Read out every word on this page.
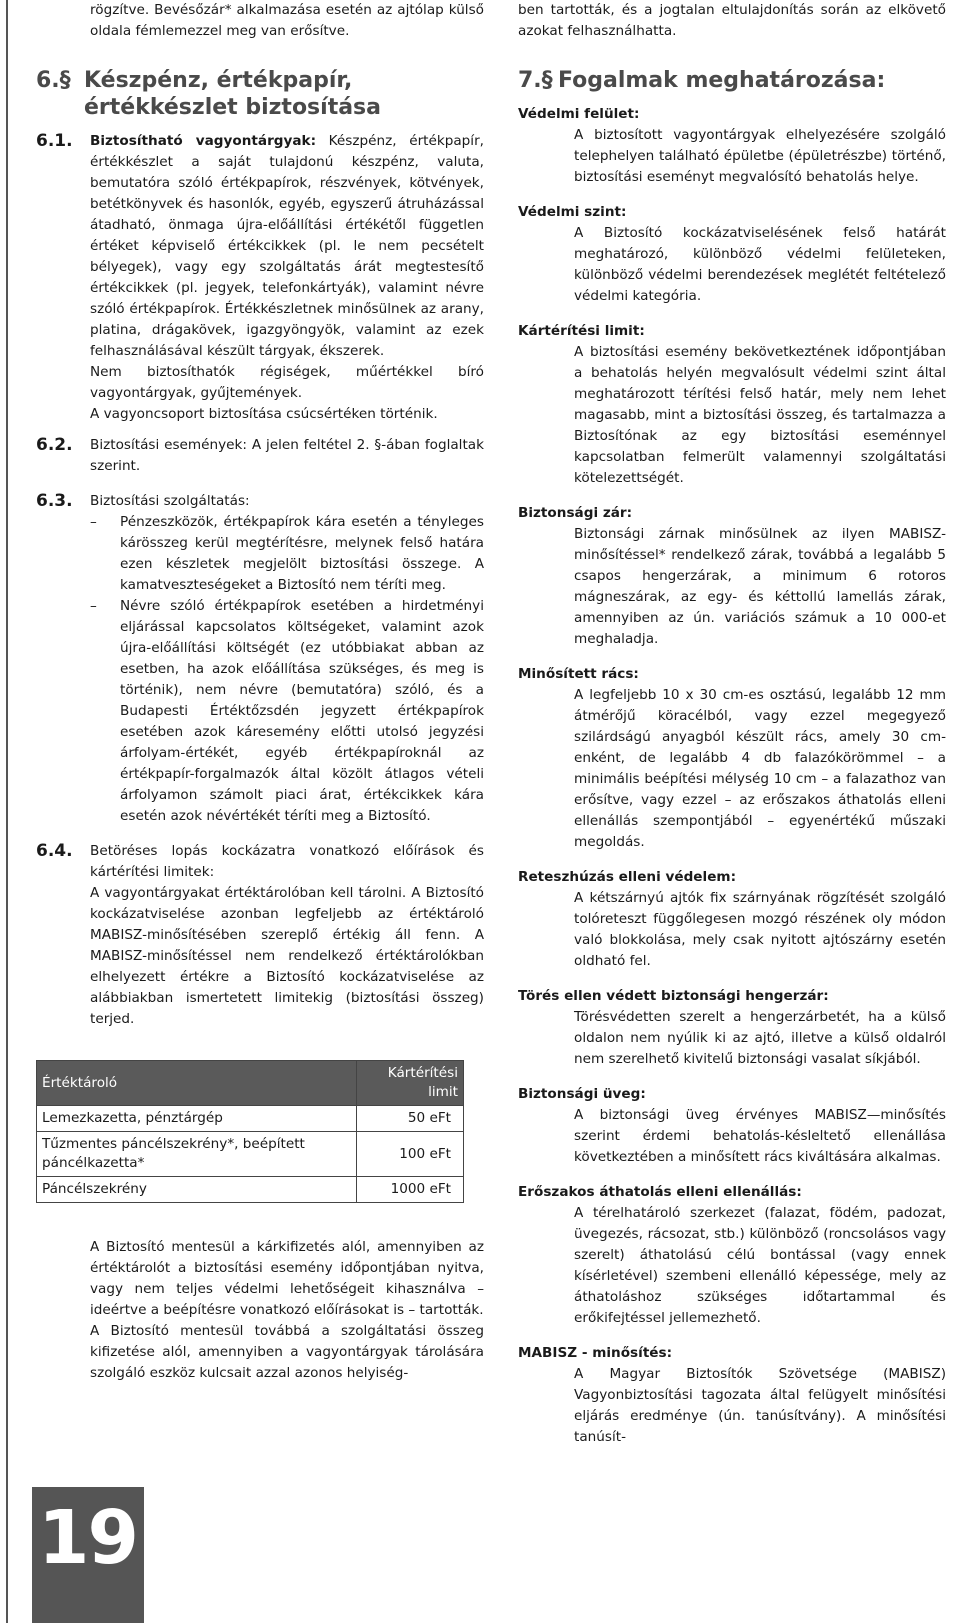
rögzítve. Bevésőzár* alkalmazása esetén az ajtólap külső oldala fémlemezzel meg van erősítve.

6.§ Készpénz, értékpapír,
értékkészlet biztosítása
6.1.	Biztosítható vagyontárgyak: Készpénz, értékpapír, értékkészlet a saját tulajdonú készpénz, valuta, bemutatóra szóló értékpapírok, részvények, kötvények, betétkönyvek és hasonlók, egyéb, egyszerű átruházással átadható, önmaga újra-előállítási értékétől független értéket képviselő értékcikkek (pl. le nem pecsételt bélyegek), vagy egy szolgáltatás árát megtestesítő értékcikkek (pl. jegyek, telefonkártyák), valamint névre szóló értékpapírok. Értékkészletnek minősülnek az arany, platina, drágakövek, igazgyöngyök, valamint az ezek felhasználásával készült tárgyak, ékszerek.

Nem biztosíthatók régiségek, műértékkel bíró vagyontárgyak, gyűjtemények.

A vagyoncsoport biztosítása csúcsértéken történik.

6.2.	Biztosítási események: A jelen feltétel 2. §-ában foglaltak szerint.

6.3.	Biztosítási szolgáltatás:

– Pénzeszközök, értékpapírok kára esetén a tényleges kárösszeg kerül megtérítésre, melynek felső határa ezen készletek megjelölt biztosítási összege. A kamatveszteségeket a Biztosító nem téríti meg.
– Névre szóló értékpapírok esetében a hirdetményi eljárással kapcsolatos költségeket, valamint azok újra-előállítási költségét (ez utóbbiakat abban az esetben, ha azok előállítása szükséges, és meg is történik), nem névre (bemutatóra) szóló, és a Budapesti Értéktőzsdén jegyzett értékpapírok esetében azok káresemény előtti utolsó jegyzési árfolyam-értékét, egyéb értékpapíroknál az értékpapír-forgalmazók által közölt átlagos vételi árfolyamon számolt piaci árat, értékcikkek kára esetén azok névértékét téríti meg a Biztosító.
6.4.	Betöréses lopás kockázatra vonatkozó előírások és kártérítési limitek:

A vagyontárgyakat értéktárolóban kell tárolni. A Biztosító kockázatviselése azonban legfeljebb az értéktároló MABISZ-minősítésében szereplő értékig áll fenn. A MABISZ-minősítéssel nem rendelkező értéktárolókban elhelyezett értékre a Biztosító kockázatviselése az alábbiakban ismertetett limitekig (biztosítási összeg) terjed.

Értéktároló	Kártérítési limit
Lemezkazetta, pénztárgép	50 eFt
Tűzmentes páncélszekrény*, beépített páncélkazetta*	100 eFt
Páncélszekrény	1000 eFt

A Biztosító mentesül a kárkifizetés alól, amennyiben az értéktárolót a biztosítási esemény időpontjában nyitva, vagy nem teljes védelmi lehetőségeit kihasználva – ideértve a beépítésre vonatkozó előírásokat is – tartották.

A Biztosító mentesül továbbá a szolgáltatási összeg kifizetése alól, amennyiben a vagyontárgyak tárolására szolgáló eszköz kulcsait azzal azonos helyiség-

ben tartották, és a jogtalan eltulajdonítás során az elkövető azokat felhasználhatta.

7.§ Fogalmak meghatározása:

Védelmi felület:

A biztosított vagyontárgyak elhelyezésére szolgáló telephelyen található épületbe (épületrészbe) történő, biztosítási eseményt megvalósító behatolás helye.

Védelmi szint:

A Biztosító kockázatviselésének felső határát meghatározó, különböző védelmi felületeken, különböző védelmi berendezések meglétét feltételező védelmi kategória.

Kártérítési limit:

A biztosítási esemény bekövetkeztének időpontjában a behatolás helyén megvalósult védelmi szint által meghatározott térítési felső határ, mely nem lehet magasabb, mint a biztosítási összeg, és tartalmazza a Biztosítónak az egy biztosítási eseménnyel kapcsolatban felmerült valamennyi szolgáltatási kötelezettségét.

Biztonsági zár:

Biztonsági zárnak minősülnek az ilyen MABISZ-minősítéssel* rendelkező zárak, továbbá a legalább 5 csapos hengerzárak, a minimum 6 rotoros mágneszárak, az egy- és kéttollú lamellás zárak, amennyiben az ún. variációs számuk a 10 000-et meghaladja.

Minősített rács:

A legfeljebb 10 x 30 cm-es osztású, legalább 12 mm átmérőjű köracélból, vagy ezzel megegyező szilárdságú anyagból készült rács, amely 30 cm-enként, de legalább 4 db falazókörömmel – a minimális beépítési mélység 10 cm – a falazathoz van erősítve, vagy ezzel – az erőszakos áthatolás elleni ellenállás szempontjából – egyenértékű műszaki megoldás.

Reteszhúzás elleni védelem:

A kétszárnyú ajtók fix szárnyának rögzítését szolgáló tolóreteszt függőlegesen mozgó részének oly módon való blokkolása, mely csak nyitott ajtószárny esetén oldható fel.

Törés ellen védett biztonsági hengerzár:

Törésvédetten szerelt a hengerzárbetét, ha a külső oldalon nem nyúlik ki az ajtó, illetve a külső oldalról nem szerelhető kivitelű biztonsági vasalat síkjából.

Biztonsági üveg:

A biztonsági üveg érvényes MABISZ—minősítés szerint érdemi behatolás-késleltető ellenállása következtében a minősített rács kiváltására alkalmas.

Erőszakos áthatolás elleni ellenállás:

A térelhatároló szerkezet (falazat, födém, padozat, üvegezés, rácsozat, stb.) különböző (roncsolásos vagy szerelt) áthatolású célú bontással (vagy ennek kísérletével) szembeni ellenálló képessége, mely az áthatoláshoz szükséges időtartammal és erőkifejtéssel jellemezhető.

MABISZ - minősítés:

A Magyar Biztosítók Szövetsége (MABISZ) Vagyonbiztosítási tagozata által felügyelt minősítési eljárás eredménye (ún. tanúsítvány). A minősítési tanúsít-

19
